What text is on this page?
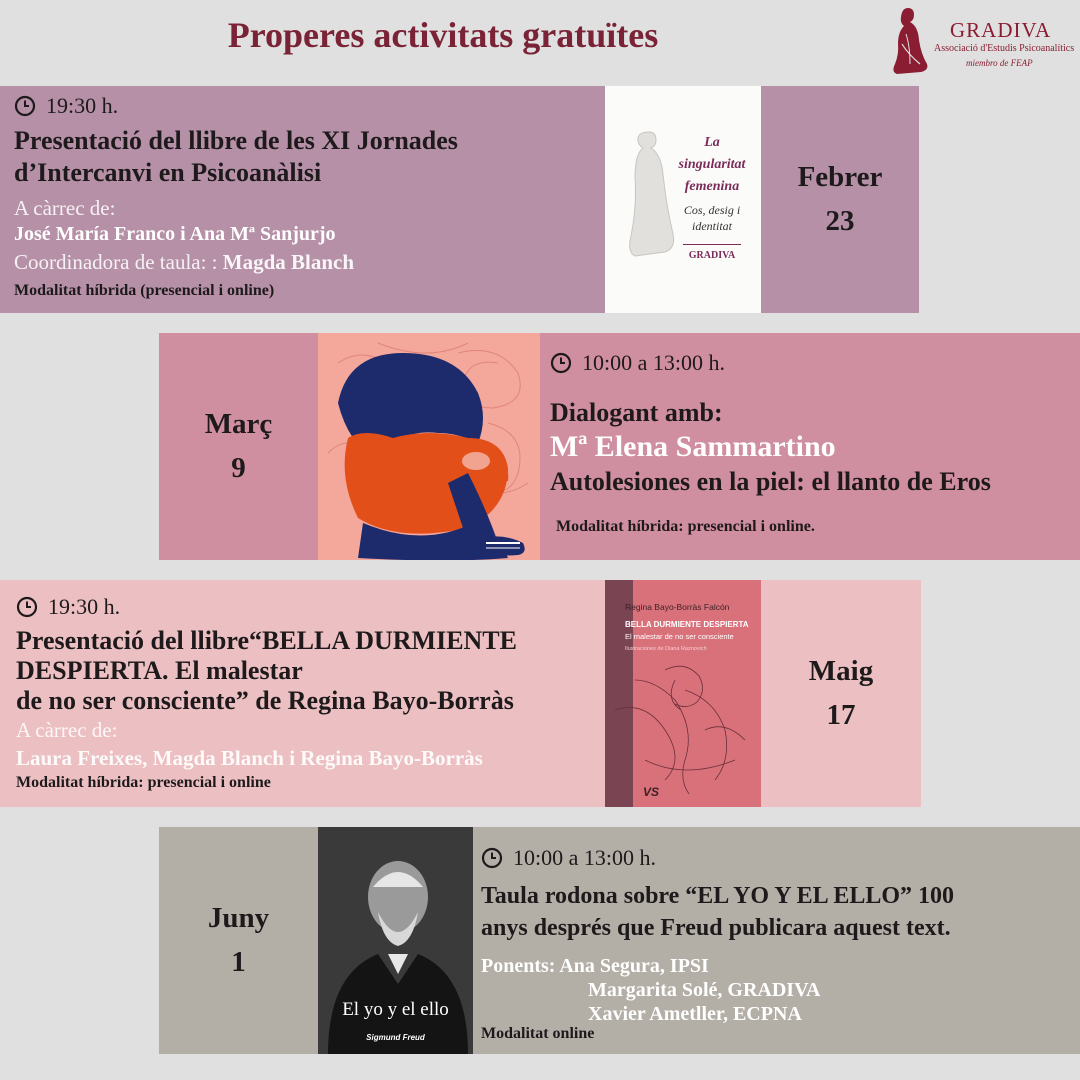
Properes activitats gratuïtes	GRADIVA
Associació d'Estudis Psicoanalítics
miembro de FEAP
19:30 h.
Presentació del llibre de les XI Jornades
d’Intercanvi en Psicoanàlisi
A càrrec de:
José María Franco i Ana Mª Sanjurjo
Coordinadora de taula: : Magda Blanch
Modalitat híbrida (presencial i online)
La
singularitat
femenina
Cos, desig i
identitat
GRADIVA
Febrer
23
Març
9
10:00 a 13:00 h.
Dialogant amb:
Mª Elena Sammartino
Autolesiones en la piel: el llanto de Eros
Modalitat híbrida: presencial i online.
19:30 h.
Presentació del llibre“BELLA DURMIENTE
DESPIERTA. El malestar
de no ser consciente” de Regina Bayo-Borràs
A càrrec de:
Laura Freixes, Magda Blanch i Regina Bayo-Borràs
Modalitat híbrida: presencial i online
Regina Bayo-Borràs Falcón
BELLA DURMIENTE DESPIERTA
El malestar de no ser consciente
Ilustraciones de Diana Raznovich
VS
Maig
17
Juny
1
El yo y el ello
Sigmund Freud
10:00 a 13:00 h.
Taula rodona sobre “EL YO Y EL ELLO” 100
anys després que Freud publicara aquest text.
Ponents: Ana Segura, IPSI
Margarita Solé, GRADIVA
Xavier Ametller, ECPNA
Modalitat online
